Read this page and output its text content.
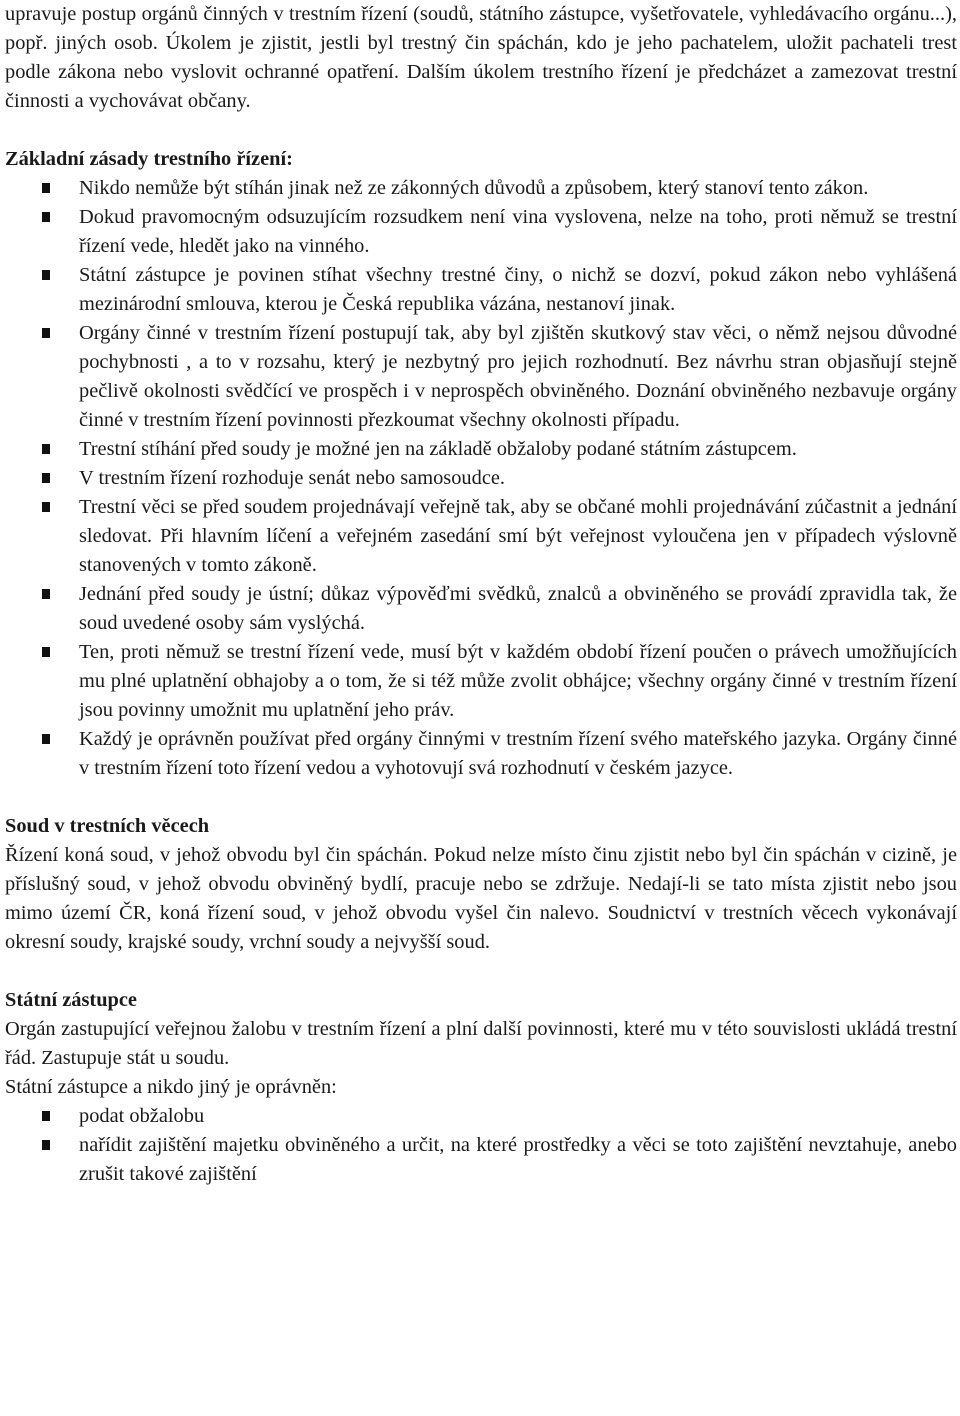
upravuje postup orgánů činných v trestním řízení (soudů, státního zástupce, vyšetřovatele, vyhledávacího orgánu...), popř. jiných osob. Úkolem je zjistit, jestli byl trestný čin spáchán, kdo je jeho pachatelem, uložit pachateli trest podle zákona nebo vyslovit ochranné opatření. Dalším úkolem trestního řízení je předcházet a zamezovat trestní činnosti a vychovávat občany.

Základní zásady trestního řízení:

Nikdo nemůže být stíhán jinak než ze zákonných důvodů a způsobem, který stanoví tento zákon.
Dokud pravomocným odsuzujícím rozsudkem není vina vyslovena, nelze na toho, proti němuž se trestní řízení vede, hledět jako na vinného.
Státní zástupce je povinen stíhat všechny trestné činy, o nichž se dozví, pokud zákon nebo vyhlášená mezinárodní smlouva, kterou je Česká republika vázána, nestanoví jinak.
Orgány činné v trestním řízení postupují tak, aby byl zjištěn skutkový stav věci, o němž nejsou důvodné pochybnosti , a to v rozsahu, který je nezbytný pro jejich rozhodnutí. Bez návrhu stran objasňují stejně pečlivě okolnosti svědčící ve prospěch i v neprospěch obviněného. Doznání obviněného nezbavuje orgány činné v trestním řízení povinnosti přezkoumat všechny okolnosti případu.
Trestní stíhání před soudy je možné jen na základě obžaloby podané státním zástupcem.
V trestním řízení rozhoduje senát nebo samosoudce.
Trestní věci se před soudem projednávají veřejně tak, aby se občané mohli projednávání zúčastnit a jednání sledovat. Při hlavním líčení a veřejném zasedání smí být veřejnost vyloučena jen v případech výslovně stanovených v tomto zákoně.
Jednání před soudy je ústní; důkaz výpověďmi svědků, znalců a obviněného se provádí zpravidla tak, že soud uvedené osoby sám vyslýchá.
Ten, proti němuž se trestní řízení vede, musí být v každém období řízení poučen o právech umožňujících mu plné uplatnění obhajoby a o tom, že si též může zvolit obhájce; všechny orgány činné v trestním řízení jsou povinny umožnit mu uplatnění jeho práv.
Každý je oprávněn používat před orgány činnými v trestním řízení svého mateřského jazyka. Orgány činné v trestním řízení toto řízení vedou a vyhotovují svá rozhodnutí v českém jazyce.

Soud v trestních věcech

Řízení koná soud, v jehož obvodu byl čin spáchán. Pokud nelze místo činu zjistit nebo byl čin spáchán v cizině, je příslušný soud, v jehož obvodu obviněný bydlí, pracuje nebo se zdržuje. Nedají-li se tato místa zjistit nebo jsou mimo území ČR, koná řízení soud, v jehož obvodu vyšel čin nalevo. Soudnictví v trestních věcech vykonávají okresní soudy, krajské soudy, vrchní soudy a nejvyšší soud.

Státní zástupce

Orgán zastupující veřejnou žalobu v trestním řízení a plní další povinnosti, které mu v této souvislosti ukládá trestní řád. Zastupuje stát u soudu.

Státní zástupce a nikdo jiný je oprávněn:

podat obžalobu
nařídit zajištění majetku obviněného a určit, na které prostředky a věci se toto zajištění nevztahuje, anebo zrušit takové zajištění
